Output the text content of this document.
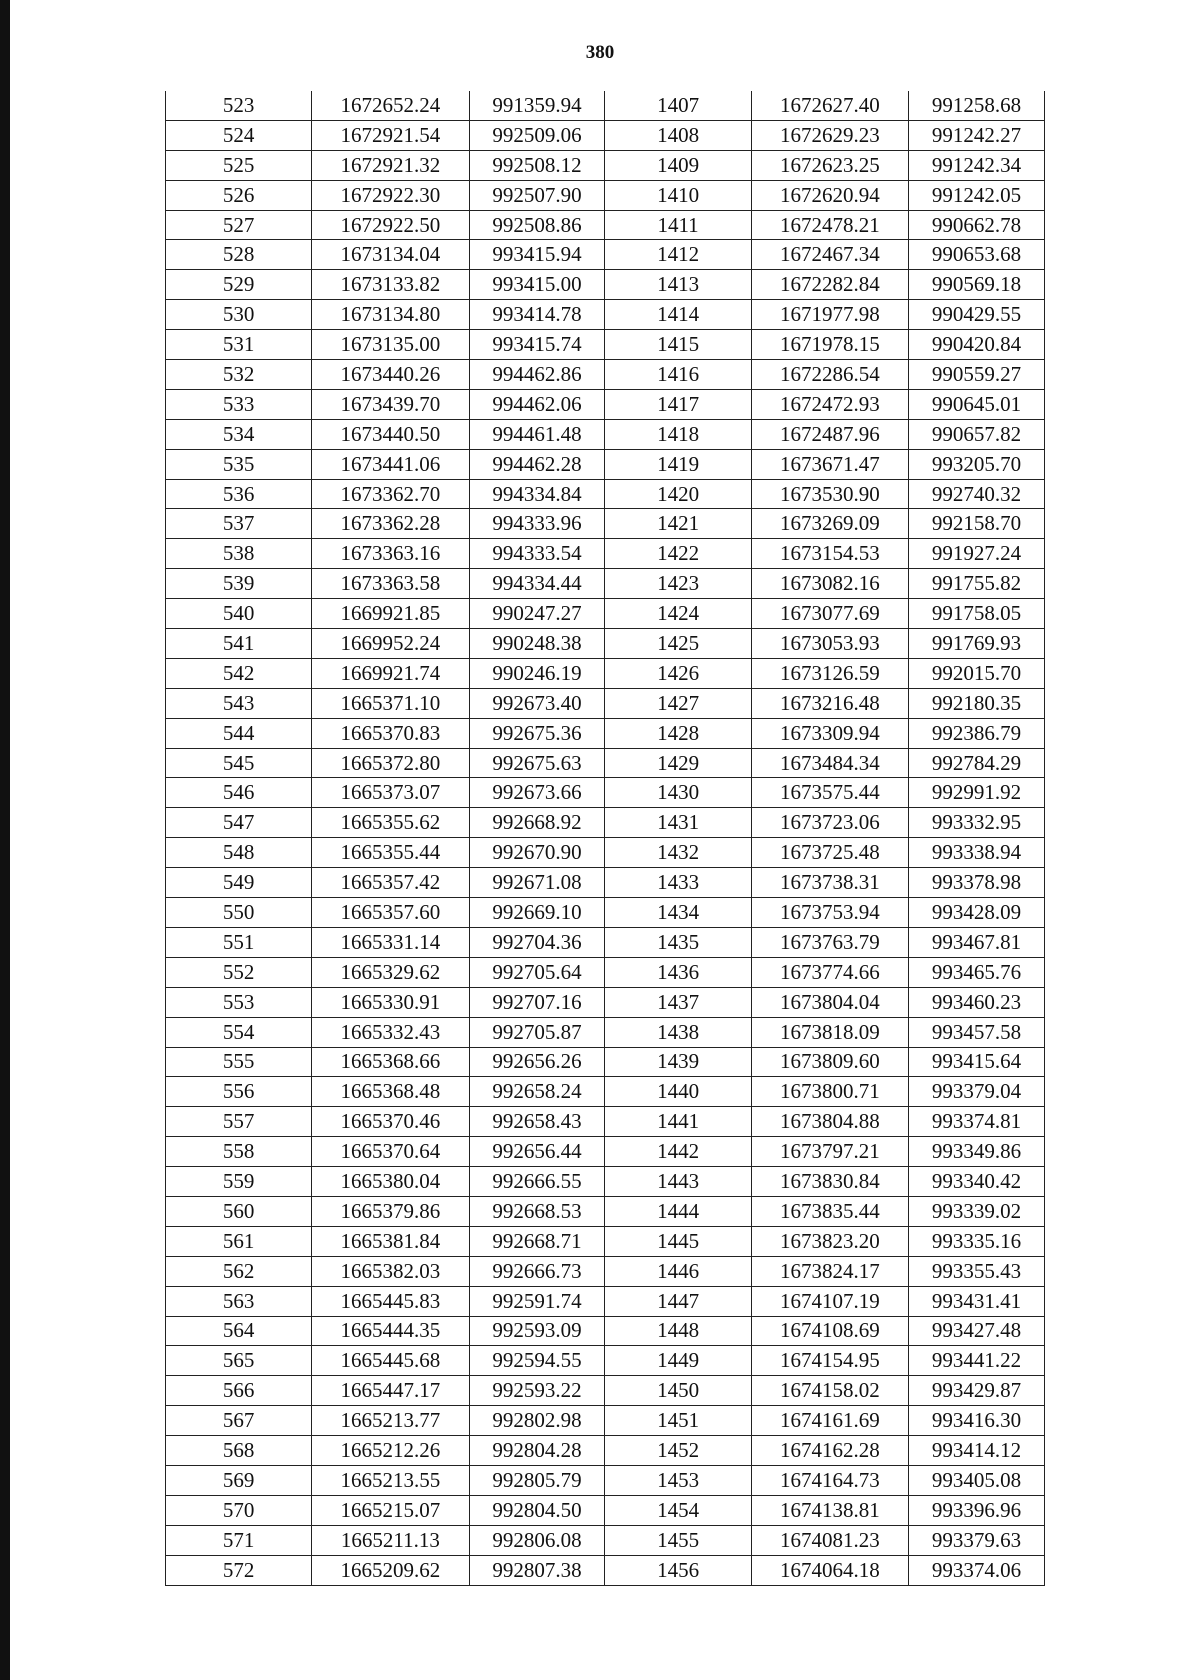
380
523	1672652.24	991359.94	1407	1672627.40	991258.68
524	1672921.54	992509.06	1408	1672629.23	991242.27
525	1672921.32	992508.12	1409	1672623.25	991242.34
526	1672922.30	992507.90	1410	1672620.94	991242.05
527	1672922.50	992508.86	1411	1672478.21	990662.78
528	1673134.04	993415.94	1412	1672467.34	990653.68
529	1673133.82	993415.00	1413	1672282.84	990569.18
530	1673134.80	993414.78	1414	1671977.98	990429.55
531	1673135.00	993415.74	1415	1671978.15	990420.84
532	1673440.26	994462.86	1416	1672286.54	990559.27
533	1673439.70	994462.06	1417	1672472.93	990645.01
534	1673440.50	994461.48	1418	1672487.96	990657.82
535	1673441.06	994462.28	1419	1673671.47	993205.70
536	1673362.70	994334.84	1420	1673530.90	992740.32
537	1673362.28	994333.96	1421	1673269.09	992158.70
538	1673363.16	994333.54	1422	1673154.53	991927.24
539	1673363.58	994334.44	1423	1673082.16	991755.82
540	1669921.85	990247.27	1424	1673077.69	991758.05
541	1669952.24	990248.38	1425	1673053.93	991769.93
542	1669921.74	990246.19	1426	1673126.59	992015.70
543	1665371.10	992673.40	1427	1673216.48	992180.35
544	1665370.83	992675.36	1428	1673309.94	992386.79
545	1665372.80	992675.63	1429	1673484.34	992784.29
546	1665373.07	992673.66	1430	1673575.44	992991.92
547	1665355.62	992668.92	1431	1673723.06	993332.95
548	1665355.44	992670.90	1432	1673725.48	993338.94
549	1665357.42	992671.08	1433	1673738.31	993378.98
550	1665357.60	992669.10	1434	1673753.94	993428.09
551	1665331.14	992704.36	1435	1673763.79	993467.81
552	1665329.62	992705.64	1436	1673774.66	993465.76
553	1665330.91	992707.16	1437	1673804.04	993460.23
554	1665332.43	992705.87	1438	1673818.09	993457.58
555	1665368.66	992656.26	1439	1673809.60	993415.64
556	1665368.48	992658.24	1440	1673800.71	993379.04
557	1665370.46	992658.43	1441	1673804.88	993374.81
558	1665370.64	992656.44	1442	1673797.21	993349.86
559	1665380.04	992666.55	1443	1673830.84	993340.42
560	1665379.86	992668.53	1444	1673835.44	993339.02
561	1665381.84	992668.71	1445	1673823.20	993335.16
562	1665382.03	992666.73	1446	1673824.17	993355.43
563	1665445.83	992591.74	1447	1674107.19	993431.41
564	1665444.35	992593.09	1448	1674108.69	993427.48
565	1665445.68	992594.55	1449	1674154.95	993441.22
566	1665447.17	992593.22	1450	1674158.02	993429.87
567	1665213.77	992802.98	1451	1674161.69	993416.30
568	1665212.26	992804.28	1452	1674162.28	993414.12
569	1665213.55	992805.79	1453	1674164.73	993405.08
570	1665215.07	992804.50	1454	1674138.81	993396.96
571	1665211.13	992806.08	1455	1674081.23	993379.63
572	1665209.62	992807.38	1456	1674064.18	993374.06
